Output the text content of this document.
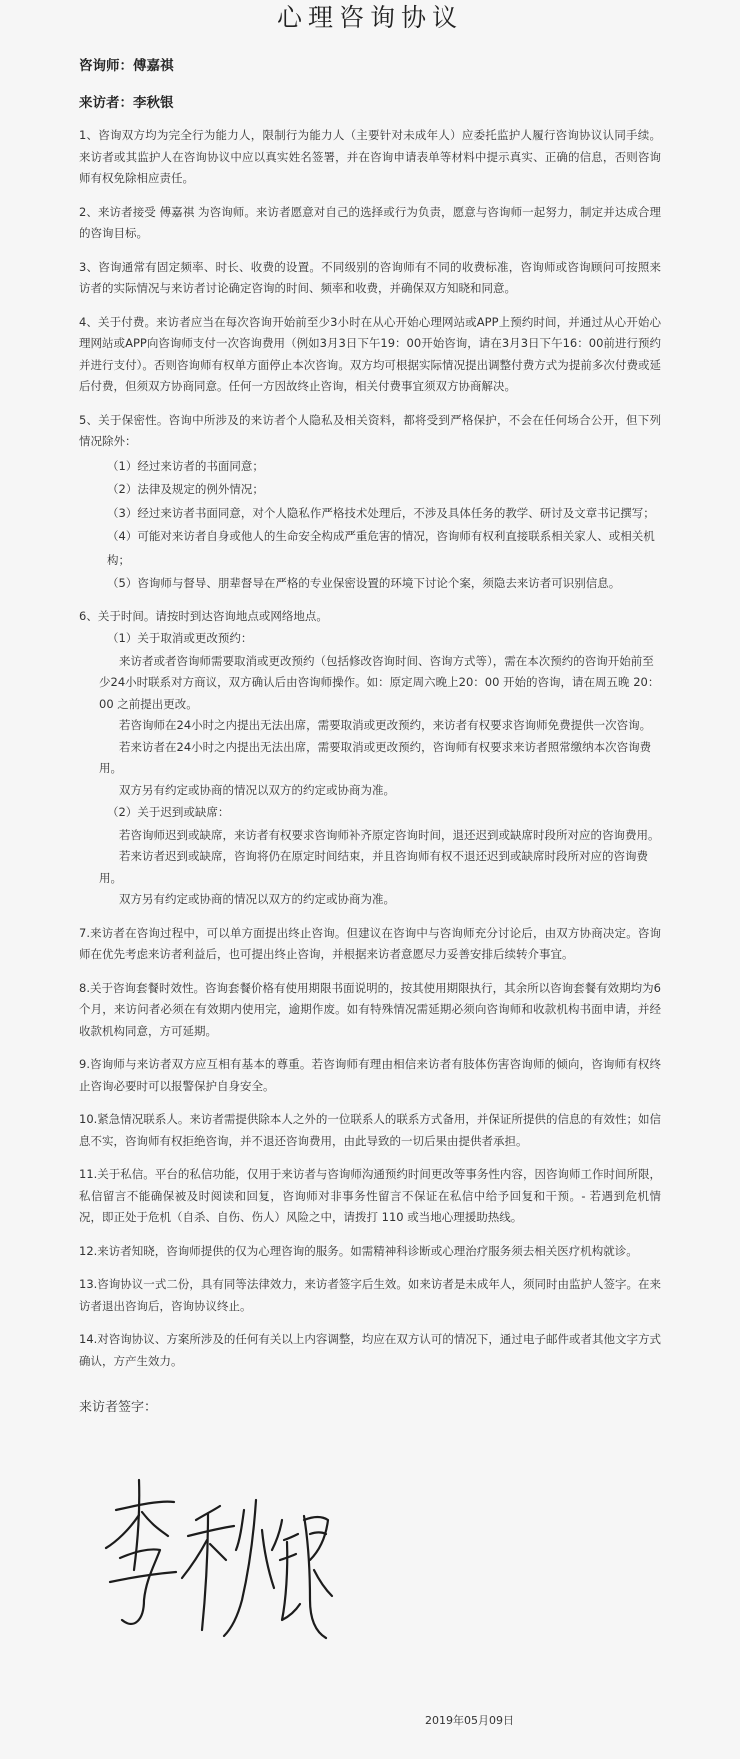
心理咨询协议

咨询师：傅嘉祺

来访者：李秋银

1、咨询双方均为完全行为能力人，限制行为能力人（主要针对未成年人）应委托监护人履行咨询协议认同手续。来访者或其监护人在咨询协议中应以真实姓名签署，并在咨询申请表单等材料中提示真实、正确的信息，否则咨询师有权免除相应责任。

2、来访者接受 傅嘉祺 为咨询师。来访者愿意对自己的选择或行为负责，愿意与咨询师一起努力，制定并达成合理的咨询目标。

3、咨询通常有固定频率、时长、收费的设置。不同级别的咨询师有不同的收费标准，咨询师或咨询顾问可按照来访者的实际情况与来访者讨论确定咨询的时间、频率和收费，并确保双方知晓和同意。

4、关于付费。来访者应当在每次咨询开始前至少3小时在从心开始心理网站或APP上预约时间，并通过从心开始心理网站或APP向咨询师支付一次咨询费用（例如3月3日下午19：00开始咨询，请在3月3日下午16：00前进行预约并进行支付）。否则咨询师有权单方面停止本次咨询。双方均可根据实际情况提出调整付费方式为提前多次付费或延后付费，但须双方协商同意。任何一方因故终止咨询，相关付费事宜须双方协商解决。

5、关于保密性。咨询中所涉及的来访者个人隐私及相关资料，都将受到严格保护，不会在任何场合公开，但下列情况除外：

（1）经过来访者的书面同意；

（2）法律及规定的例外情况；

（3）经过来访者书面同意，对个人隐私作严格技术处理后，不涉及具体任务的教学、研讨及文章书记撰写；

（4）可能对来访者自身或他人的生命安全构成严重危害的情况，咨询师有权利直接联系相关家人、或相关机构；

（5）咨询师与督导、朋辈督导在严格的专业保密设置的环境下讨论个案，须隐去来访者可识别信息。

6、关于时间。请按时到达咨询地点或网络地点。

（1）关于取消或更改预约：

来访者或者咨询师需要取消或更改预约（包括修改咨询时间、咨询方式等），需在本次预约的咨询开始前至少24小时联系对方商议，双方确认后由咨询师操作。如：原定周六晚上20：00 开始的咨询，请在周五晚 20：00 之前提出更改。

若咨询师在24小时之内提出无法出席，需要取消或更改预约，来访者有权要求咨询师免费提供一次咨询。

若来访者在24小时之内提出无法出席，需要取消或更改预约，咨询师有权要求来访者照常缴纳本次咨询费用。

双方另有约定或协商的情况以双方的约定或协商为准。

（2）关于迟到或缺席：

若咨询师迟到或缺席，来访者有权要求咨询师补齐原定咨询时间，退还迟到或缺席时段所对应的咨询费用。

若来访者迟到或缺席，咨询将仍在原定时间结束，并且咨询师有权不退还迟到或缺席时段所对应的咨询费用。

双方另有约定或协商的情况以双方的约定或协商为准。

7.来访者在咨询过程中，可以单方面提出终止咨询。但建议在咨询中与咨询师充分讨论后，由双方协商决定。咨询师在优先考虑来访者利益后，也可提出终止咨询，并根据来访者意愿尽力妥善安排后续转介事宜。

8.关于咨询套餐时效性。咨询套餐价格有使用期限书面说明的，按其使用期限执行，其余所以咨询套餐有效期均为6个月，来访问者必须在有效期内使用完，逾期作废。如有特殊情况需延期必须向咨询师和收款机构书面申请，并经收款机构同意，方可延期。

9.咨询师与来访者双方应互相有基本的尊重。若咨询师有理由相信来访者有肢体伤害咨询师的倾向，咨询师有权终止咨询必要时可以报警保护自身安全。

10.紧急情况联系人。来访者需提供除本人之外的一位联系人的联系方式备用，并保证所提供的信息的有效性；如信息不实，咨询师有权拒绝咨询，并不退还咨询费用，由此导致的一切后果由提供者承担。

11.关于私信。平台的私信功能，仅用于来访者与咨询师沟通预约时间更改等事务性内容，因咨询师工作时间所限，私信留言不能确保被及时阅读和回复，咨询师对非事务性留言不保证在私信中给予回复和干预。- 若遇到危机情况，即正处于危机（自杀、自伤、伤人）风险之中，请拨打 110 或当地心理援助热线。

12.来访者知晓，咨询师提供的仅为心理咨询的服务。如需精神科诊断或心理治疗服务须去相关医疗机构就诊。

13.咨询协议一式二份，具有同等法律效力，来访者签字后生效。如来访者是未成年人，须同时由监护人签字。在来访者退出咨询后，咨询协议终止。

14.对咨询协议、方案所涉及的任何有关以上内容调整，均应在双方认可的情况下，通过电子邮件或者其他文字方式确认，方产生效力。

来访者签字：

2019年05月09日
